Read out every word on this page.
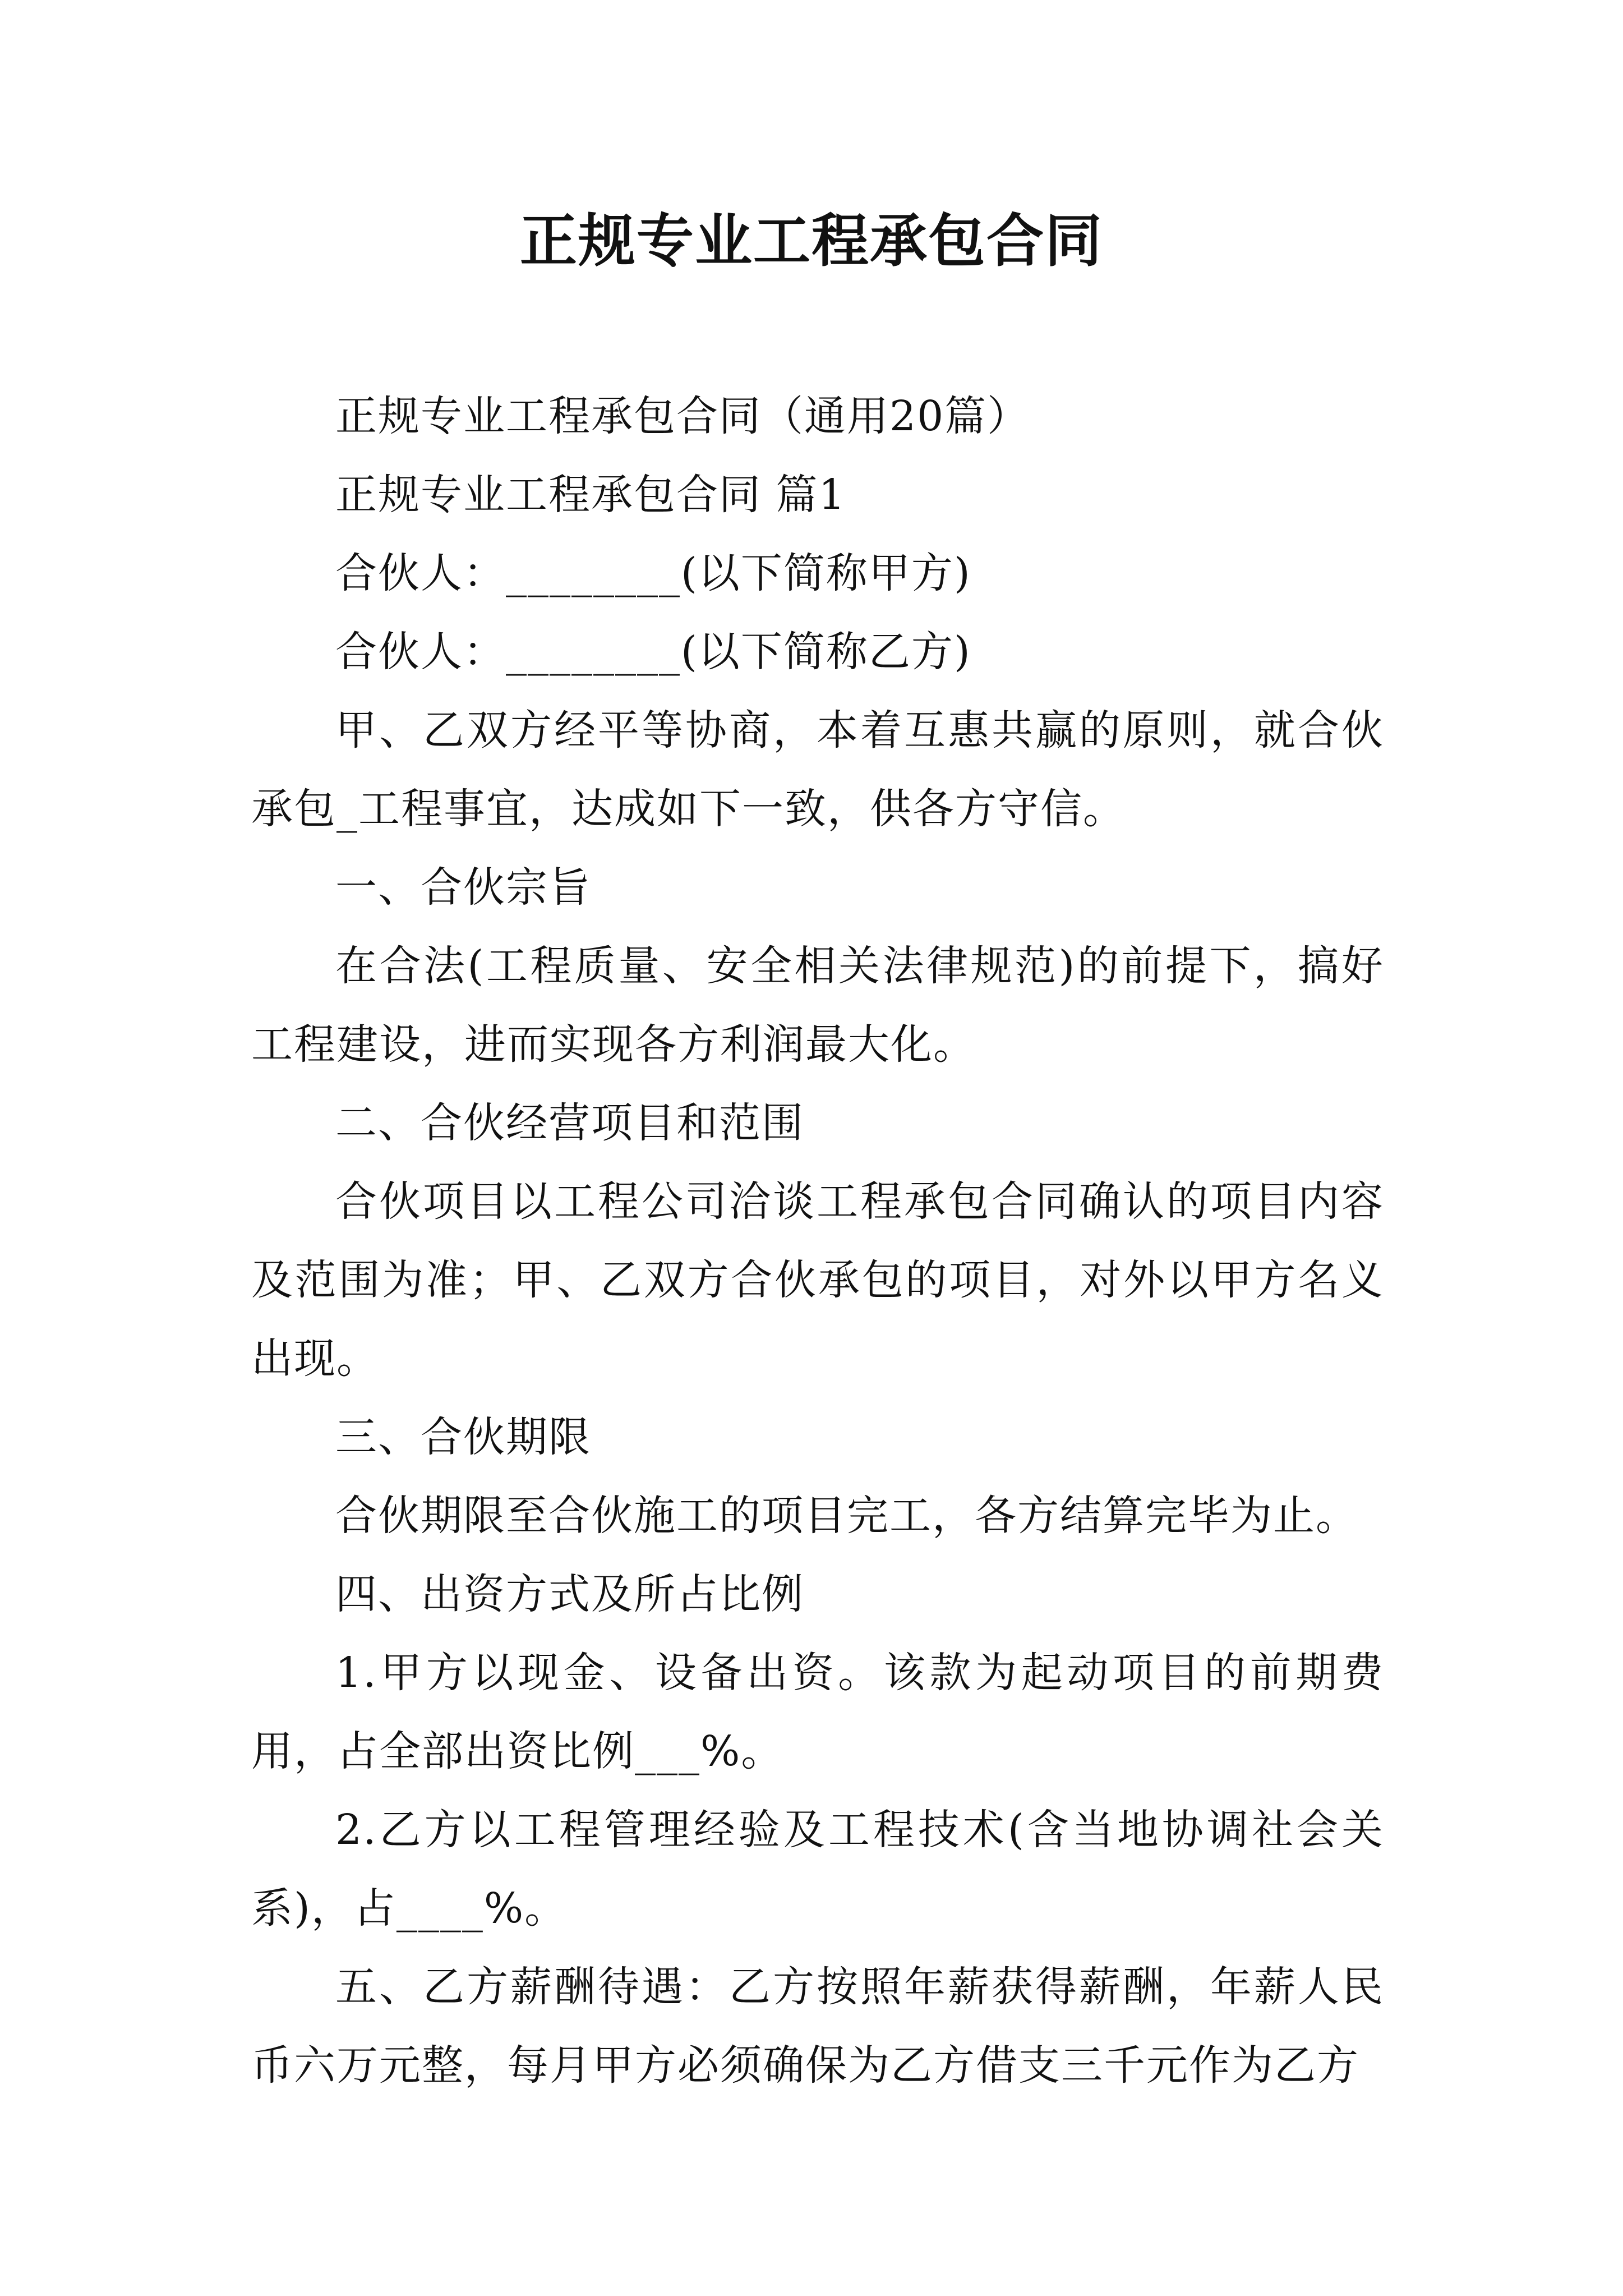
正规专业工程承包合同

正规专业工程承包合同（通用20篇）

正规专业工程承包合同 篇1

合伙人：________(以下简称甲方)

合伙人：________(以下简称乙方)

甲、乙双方经平等协商，本着互惠共赢的原则，就合伙承包_工程事宜，达成如下一致，供各方守信。

一、合伙宗旨

在合法(工程质量、安全相关法律规范)的前提下，搞好工程建设，进而实现各方利润最大化。

二、合伙经营项目和范围

合伙项目以工程公司洽谈工程承包合同确认的项目内容及范围为准；甲、乙双方合伙承包的项目，对外以甲方名义出现。

三、合伙期限

合伙期限至合伙施工的项目完工，各方结算完毕为止。

四、出资方式及所占比例

1.甲方以现金、设备出资。该款为起动项目的前期费用，占全部出资比例___%。

2.乙方以工程管理经验及工程技术(含当地协调社会关系)，占____%。

五、乙方薪酬待遇：乙方按照年薪获得薪酬，年薪人民币六万元整，每月甲方必须确保为乙方借支三千元作为乙方
